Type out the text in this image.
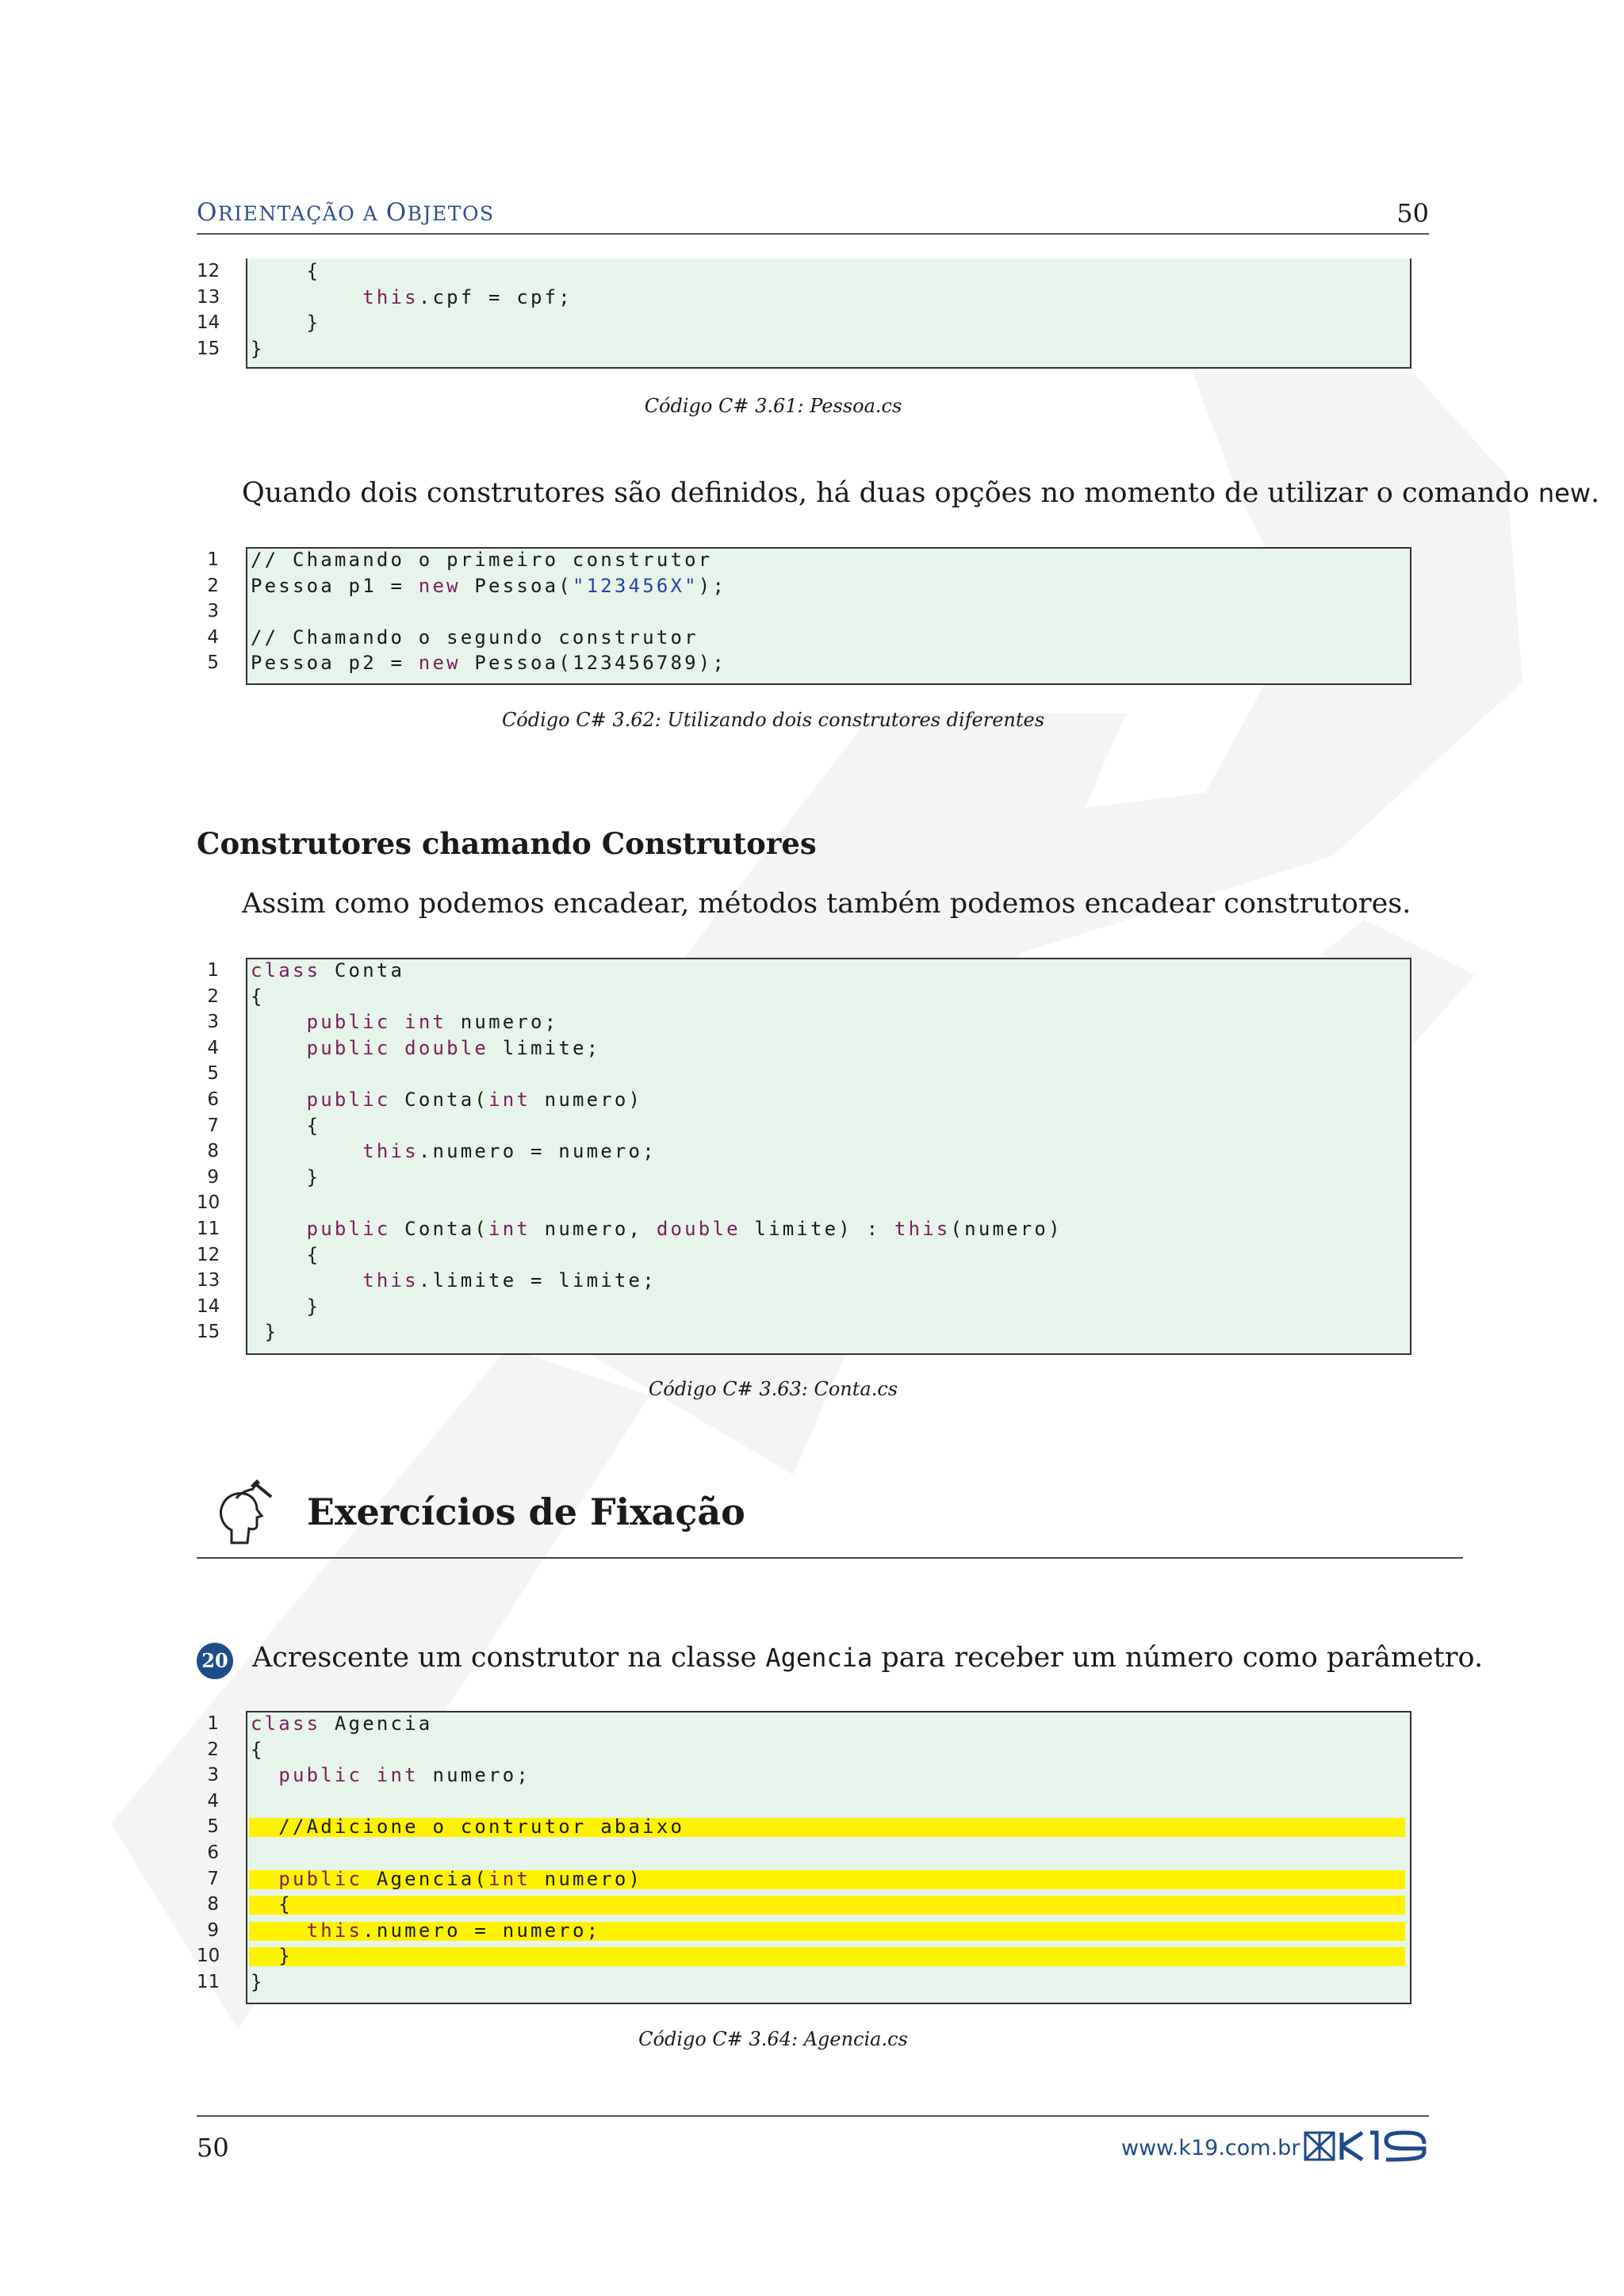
ORIENTAÇÃO A OBJETOS	50
12 {
13	this.cpf = cpf;
14 }
15 }
Código C# 3.61: Pessoa.cs
Quando dois construtores são definidos, há duas opções no momento de utilizar o comando new.
1 // Chamando o primeiro construtor
2 Pessoa p1 = new Pessoa("123456X");
3
4 // Chamando o segundo construtor
5 Pessoa p2 = new Pessoa(123456789);
Código C# 3.62: Utilizando dois construtores diferentes
Construtores chamando Construtores
Assim como podemos encadear, métodos também podemos encadear construtores.
1 class Conta
2 {
3	public int numero;
4	public double limite;
5
6	public Conta(int numero)
7 {
8	this.numero = numero;
9 }
10
11	public Conta(int numero, double limite) : this(numero)
12 {
13	this.limite = limite;
14 }
15 }
Código C# 3.63: Conta.cs
Exercícios de Fixação
20 Acrescente um construtor na classe Agencia para receber um número como parâmetro.
1 class Agencia
2 {
3	public int numero;
4
5 //Adicione o contrutor abaixo
6
7	public Agencia(int numero)
8 {
9	this.numero = numero;
10 }
11 }
Código C# 3.64: Agencia.cs
50	www.k19.com.br
